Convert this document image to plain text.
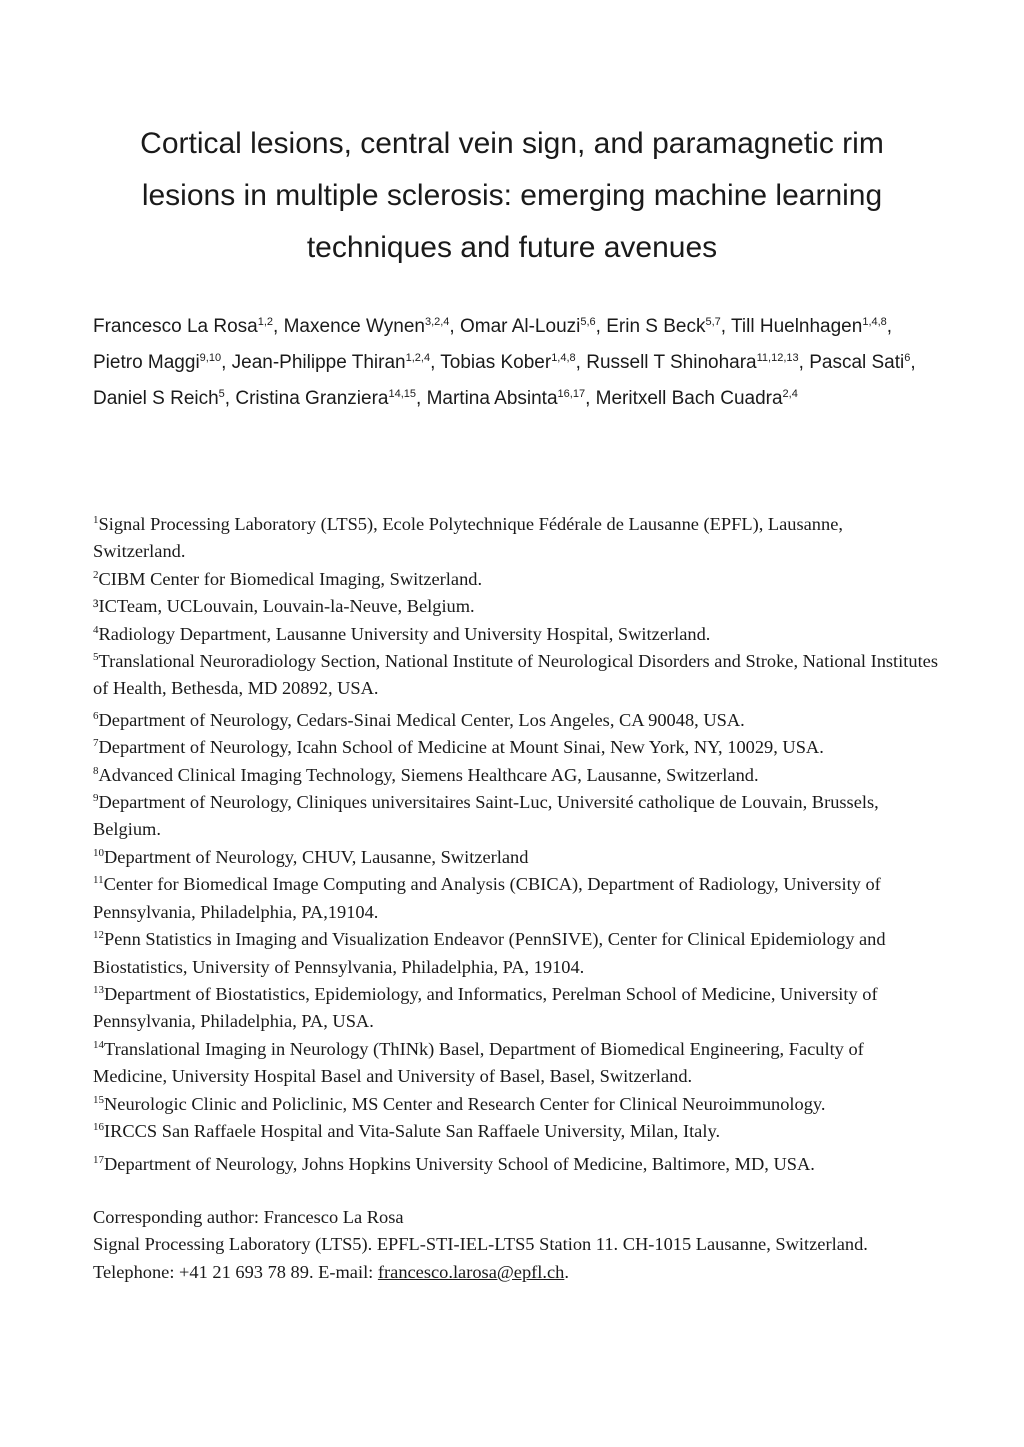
Cortical lesions, central vein sign, and paramagnetic rim
lesions in multiple sclerosis: emerging machine learning
techniques and future avenues
Francesco La Rosa$^{1,2}$, Maxence Wynen$^{3,2,4}$, Omar Al-Louzi$^{5,6}$, Erin S Beck$^{5,7}$, Till Huelnhagen$^{1,4,8}$, Pietro Maggi$^{9,10}$, Jean-Philippe Thiran$^{1,2,4}$, Tobias Kober$^{1,4,8}$, Russell T Shinohara$^{11,12,13}$, Pascal Sati$^6$, Daniel S Reich$^5$, Cristina Granziera$^{14,15}$, Martina Absinta$^{16,17}$, Meritxell Bach Cuadra$^{2,4}$

$^1$Signal Processing Laboratory (LTS5), Ecole Polytechnique Fédérale de Lausanne (EPFL), Lausanne, Switzerland.

$^2$CIBM Center for Biomedical Imaging, Switzerland.

³ICTeam, UCLouvain, Louvain-la-Neuve, Belgium.

$^4$Radiology Department, Lausanne University and University Hospital, Switzerland.

$^5$Translational Neuroradiology Section, National Institute of Neurological Disorders and Stroke, National Institutes of Health, Bethesda, MD 20892, USA.

$^6$Department of Neurology, Cedars-Sinai Medical Center, Los Angeles, CA 90048, USA.

$^7$Department of Neurology, Icahn School of Medicine at Mount Sinai, New York, NY, 10029, USA.

$^8$Advanced Clinical Imaging Technology, Siemens Healthcare AG, Lausanne, Switzerland.

$^9$Department of Neurology, Cliniques universitaires Saint-Luc, Université catholique de Louvain, Brussels, Belgium.

$^{10}$Department of Neurology, CHUV, Lausanne, Switzerland

$^{11}$Center for Biomedical Image Computing and Analysis (CBICA), Department of Radiology, University of Pennsylvania, Philadelphia, PA,19104.

$^{12}$Penn Statistics in Imaging and Visualization Endeavor (PennSIVE), Center for Clinical Epidemiology and Biostatistics, University of Pennsylvania, Philadelphia, PA, 19104.

$^{13}$Department of Biostatistics, Epidemiology, and Informatics, Perelman School of Medicine, University of Pennsylvania, Philadelphia, PA, USA.

$^{14}$Translational Imaging in Neurology (ThINk) Basel, Department of Biomedical Engineering, Faculty of Medicine, University Hospital Basel and University of Basel, Basel, Switzerland.

$^{15}$Neurologic Clinic and Policlinic, MS Center and Research Center for Clinical Neuroimmunology.

$^{16}$IRCCS San Raffaele Hospital and Vita-Salute San Raffaele University, Milan, Italy.

$^{17}$Department of Neurology, Johns Hopkins University School of Medicine, Baltimore, MD, USA.

Corresponding author: Francesco La Rosa

Signal Processing Laboratory (LTS5). EPFL-STI-IEL-LTS5 Station 11. CH-1015 Lausanne, Switzerland. Telephone: +41 21 693 78 89. E-mail: francesco.larosa@epfl.ch.
